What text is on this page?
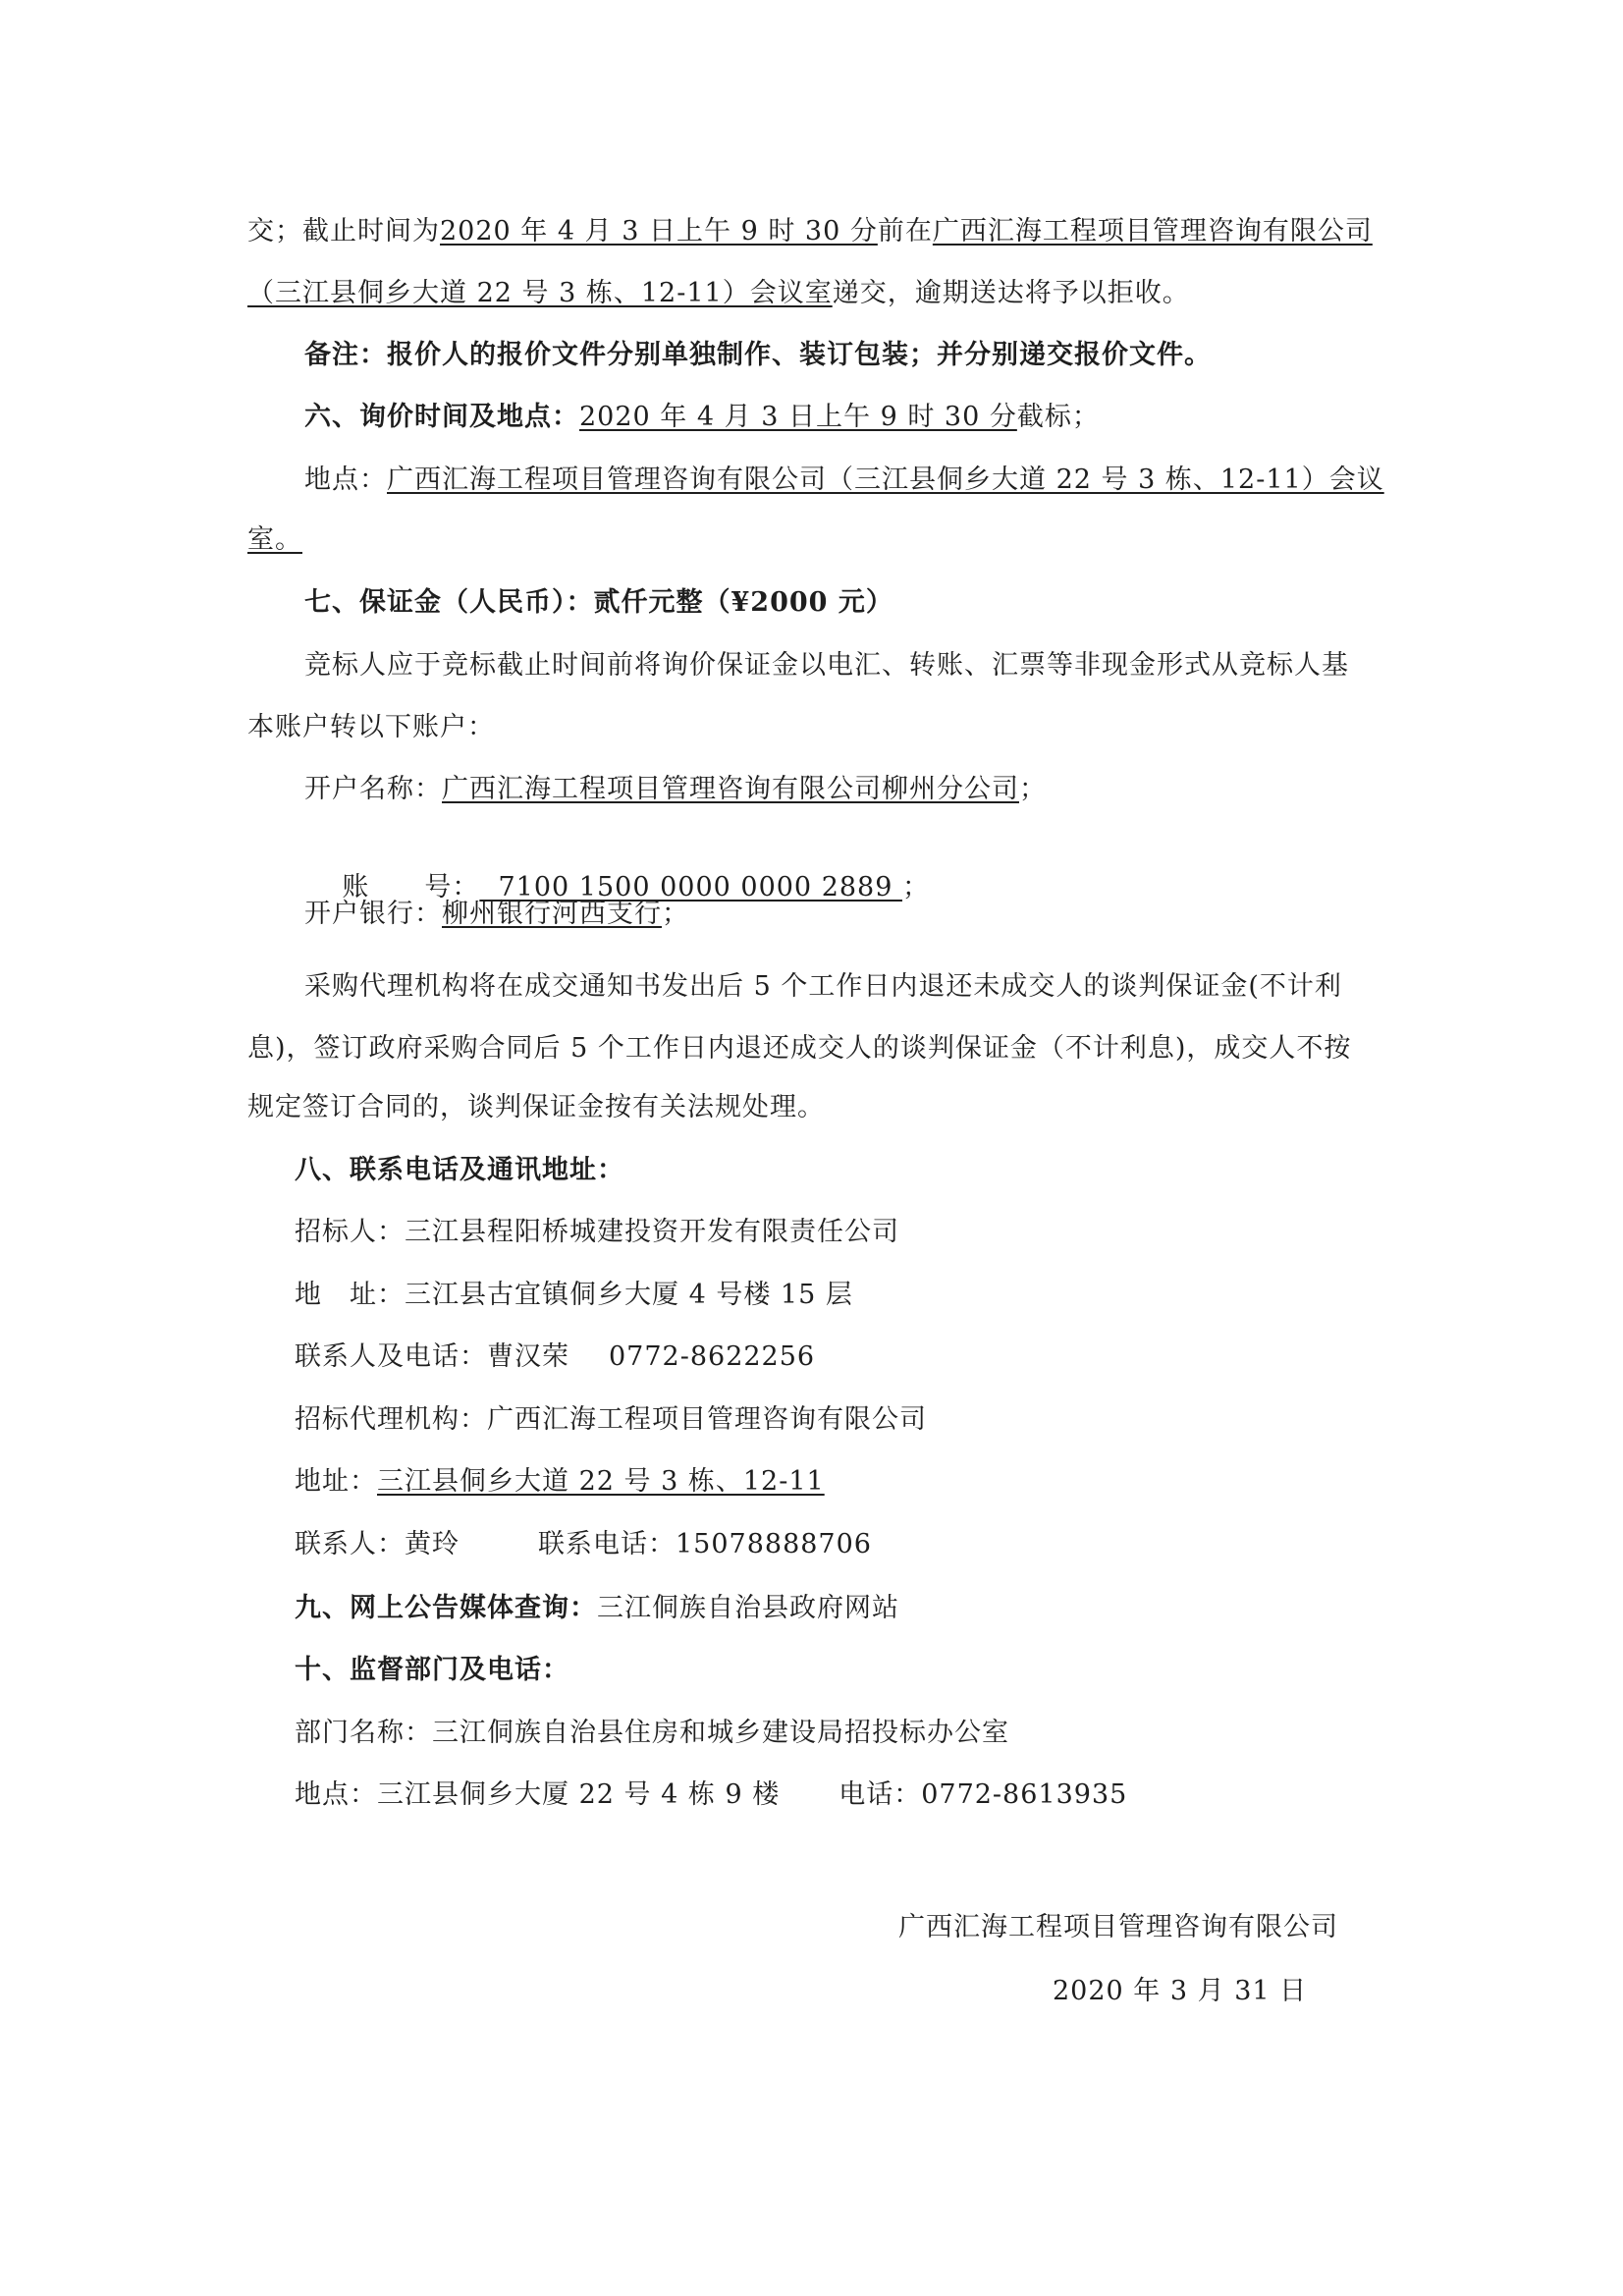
交；截止时间为2020 年 4 月 3 日上午 9 时 30 分前在广西汇海工程项目管理咨询有限公司
（三江县侗乡大道 22 号 3 栋、12-11）会议室递交，逾期送达将予以拒收。
备注：报价人的报价文件分别单独制作、装订包装；并分别递交报价文件。
六、询价时间及地点：2020 年 4 月 3 日上午 9 时 30 分截标；
地点：广西汇海工程项目管理咨询有限公司（三江县侗乡大道 22 号 3 栋、12-11）会议
室。
七、保证金（人民币）：贰仟元整（¥2000 元）
竞标人应于竞标截止时间前将询价保证金以电汇、转账、汇票等非现金形式从竞标人基
本账户转以下账户：
开户名称：广西汇海工程项目管理咨询有限公司柳州分公司；

账　　号：  7100 1500 0000 0000 2889 ；

开户银行：柳州银行河西支行；
采购代理机构将在成交通知书发出后 5 个工作日内退还未成交人的谈判保证金(不计利
息)，签订政府采购合同后 5 个工作日内退还成交人的谈判保证金（不计利息)，成交人不按
规定签订合同的，谈判保证金按有关法规处理。
八、联系电话及通讯地址：
招标人：三江县程阳桥城建投资开发有限责任公司
地　址：三江县古宜镇侗乡大厦 4 号楼 15 层
联系人及电话：曹汉荣 0772-8622256
招标代理机构：广西汇海工程项目管理咨询有限公司
地址：三江县侗乡大道 22 号 3 栋、12-11
联系人：黄玲	联系电话：15078888706
九、网上公告媒体查询：三江侗族自治县政府网站
十、监督部门及电话：
部门名称：三江侗族自治县住房和城乡建设局招投标办公室
地点：三江县侗乡大厦 22 号 4 栋 9 楼 电话：0772-8613935
广西汇海工程项目管理咨询有限公司
2020 年 3 月 31 日
